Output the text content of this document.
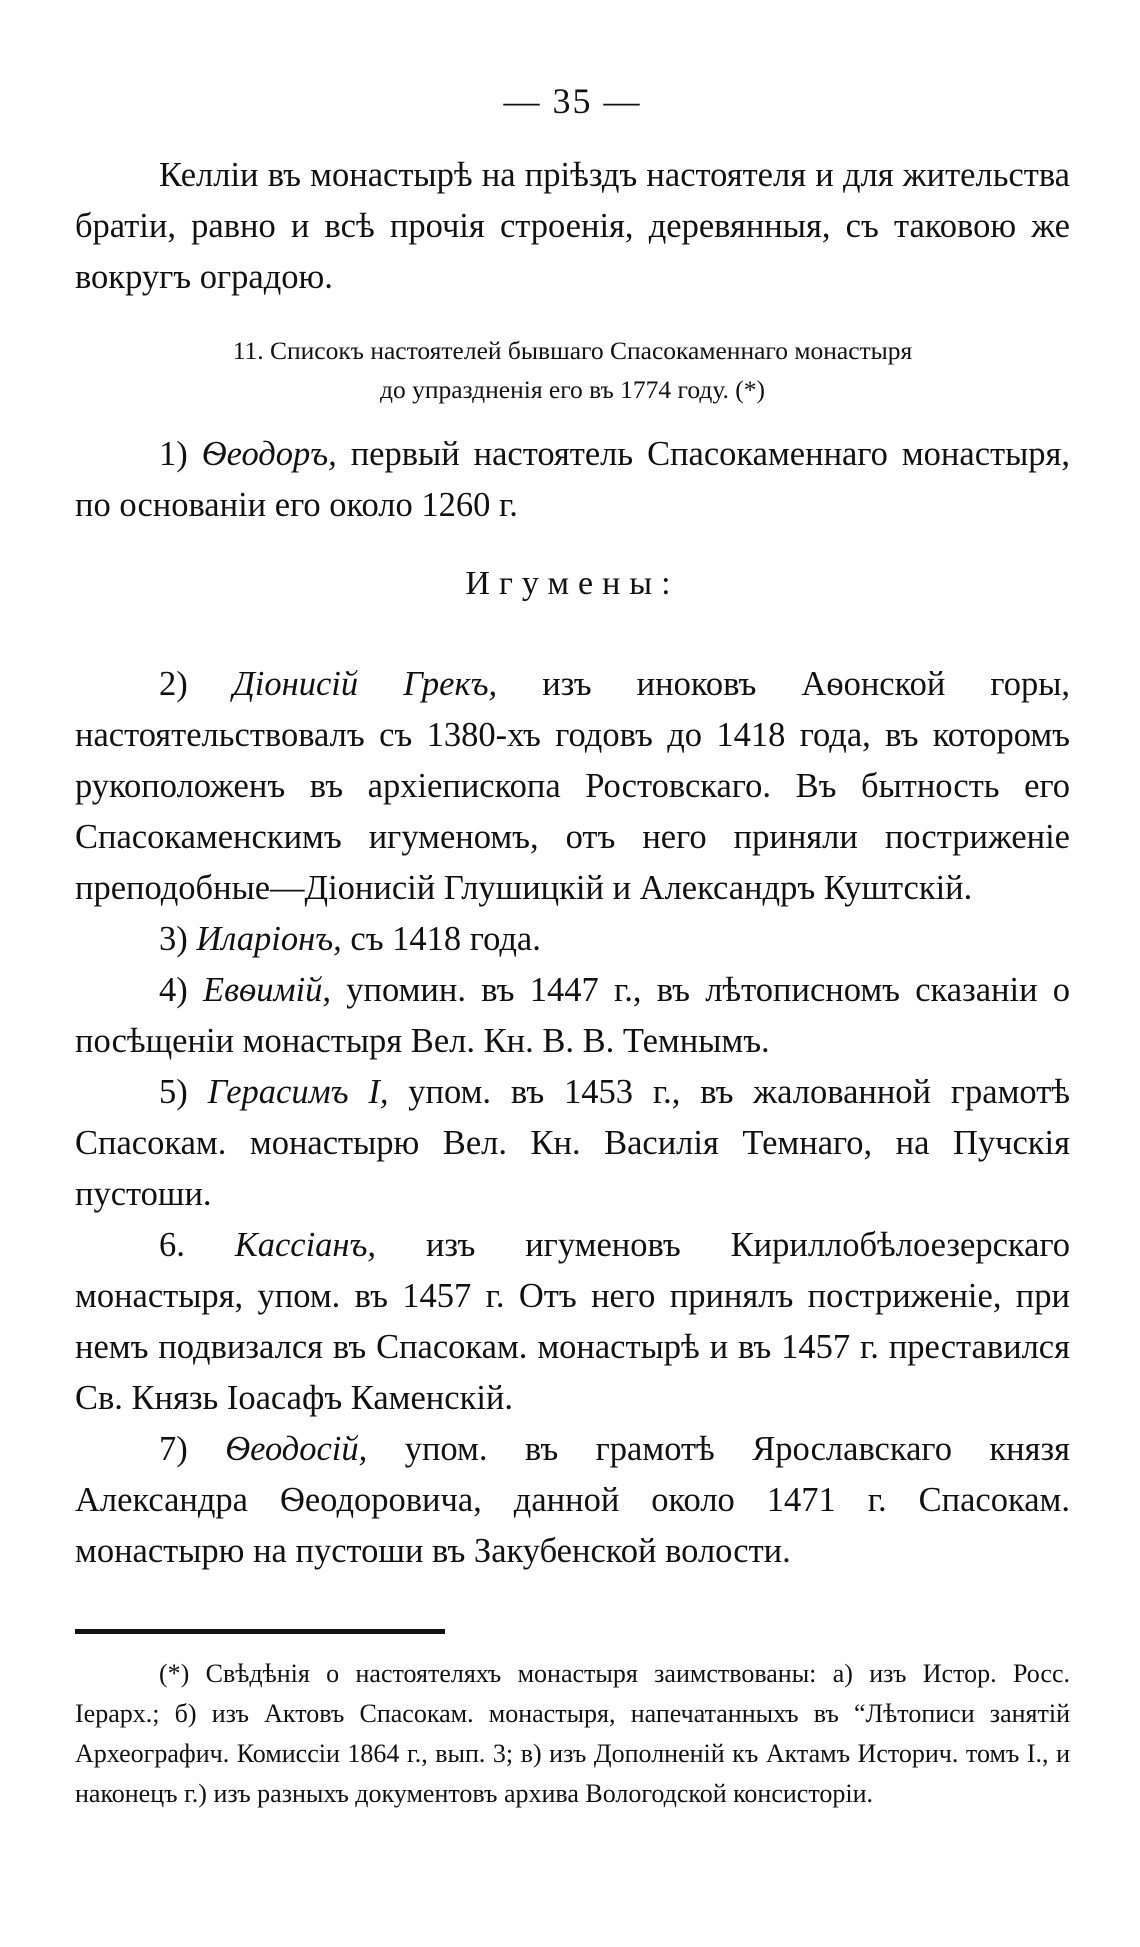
— 35 —

Келліи въ монастырѣ на пріѣздъ настоятеля и для жительства братіи, равно и всѣ прочія строенія, деревянныя, съ таковою же вокругъ оградою.

11. Списокъ настоятелей бывшаго Спасокаменнаго монастыря
до упраздненія его въ 1774 году. (*)

1) Ѳеодоръ, первый настоятель Спасокаменнаго монастыря, по основаніи его около 1260 г.

Игумены:

2) Діонисій Грекъ, изъ иноковъ Аѳонской горы, настоятельствовалъ съ 1380-хъ годовъ до 1418 года, въ которомъ рукоположенъ въ архіепископа Ростовскаго. Въ бытность его Спасокаменскимъ игуменомъ, отъ него приняли постриженіе преподобные—Діонисій Глушицкій и Александръ Куштскій.

3) Иларіонъ, съ 1418 года.

4) Евѳимій, упомин. въ 1447 г., въ лѣтописномъ сказаніи о посѣщеніи монастыря Вел. Кн. В. В. Темнымъ.

5) Герасимъ I, упом. въ 1453 г., въ жалованной грамотѣ Спасокам. монастырю Вел. Кн. Василія Темнаго, на Пучскія пустоши.

6. Кассіанъ, изъ игуменовъ Кириллобѣлоезерскаго монастыря, упом. въ 1457 г. Отъ него принялъ постриженіе, при немъ подвизался въ Спасокам. монастырѣ и въ 1457 г. преставился Св. Князь Іоасафъ Каменскій.

7) Ѳеодосій, упом. въ грамотѣ Ярославскаго князя Александра Ѳеодоровича, данной около 1471 г. Спасокам. монастырю на пустоши въ Закубенской волости.

(*) Свѣдѣнія о настоятеляхъ монастыря заимствованы: а) изъ Истор. Росс. Іерарх.; б) изъ Актовъ Спасокам. монастыря, напечатанныхъ въ “Лѣтописи занятій Археографич. Комиссіи 1864 г., вып. 3; в) изъ Дополненій къ Актамъ Историч. томъ I., и наконецъ г.) изъ разныхъ документовъ архива Вологодской консисторіи.
